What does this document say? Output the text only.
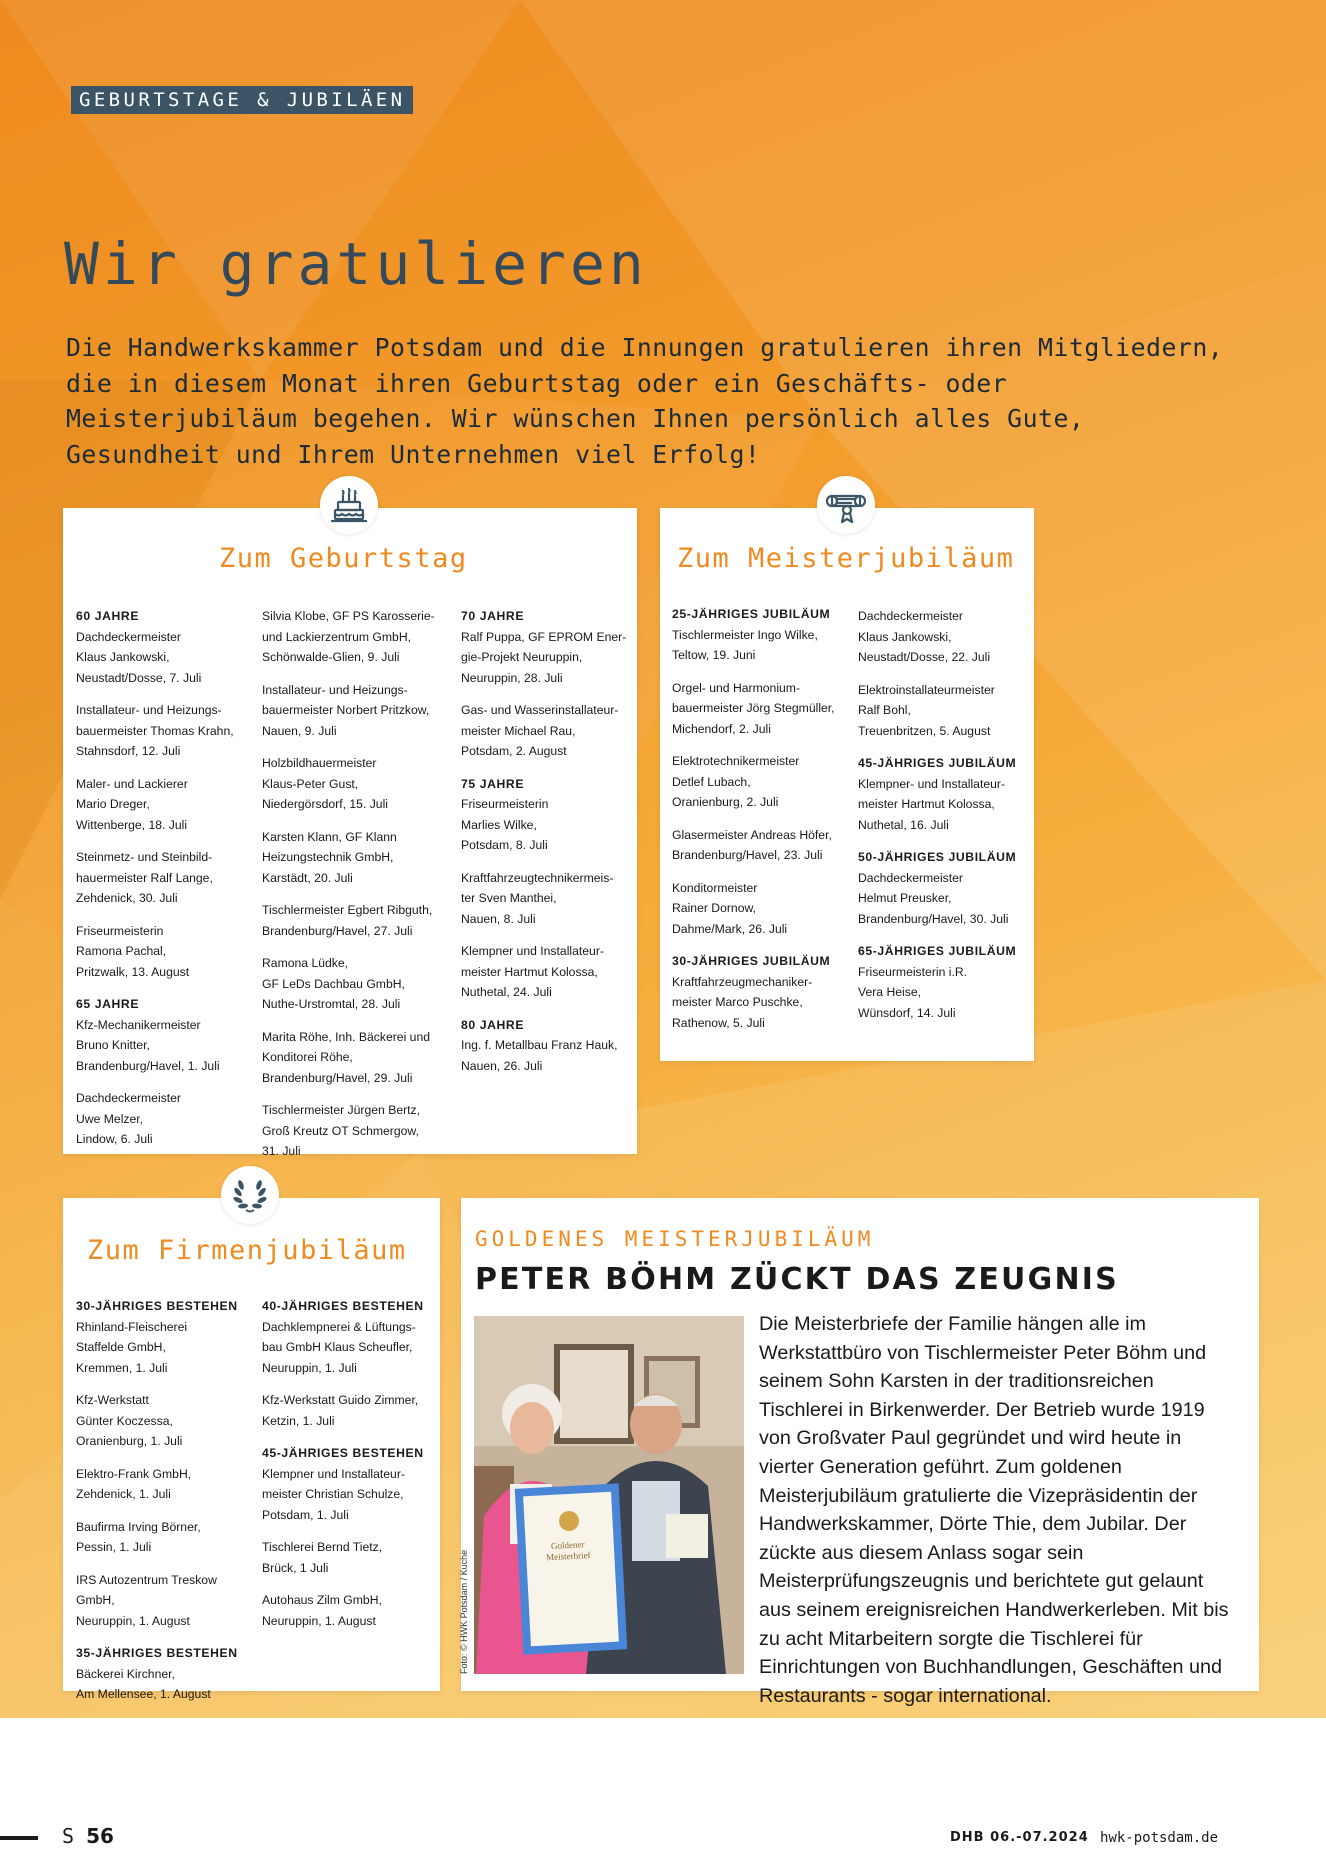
GEBURTSTAGE & JUBILÄEN
Wir gratulieren

Die Handwerkskammer Potsdam und die Innungen gratulieren ihren Mitgliedern, die in diesem Monat ihren Geburtstag oder ein Geschäfts- oder Meisterjubiläum begehen. Wir wünschen Ihnen persönlich alles Gute, Gesundheit und Ihrem Unternehmen viel Erfolg!

Zum Geburtstag

60 JAHRE

Dachdeckermeister
Klaus Jankowski,
Neustadt/Dosse, 7. Juli

Installateur- und Heizungs-
bauermeister Thomas Krahn,
Stahnsdorf, 12. Juli

Maler- und Lackierer
Mario Dreger,
Wittenberge, 18. Juli

Steinmetz- und Steinbild-
hauermeister Ralf Lange,
Zehdenick, 30. Juli

Friseurmeisterin
Ramona Pachal,
Pritzwalk, 13. August

65 JAHRE

Kfz-Mechanikermeister
Bruno Knitter,
Brandenburg/Havel, 1. Juli

Dachdeckermeister
Uwe Melzer,
Lindow, 6. Juli

Silvia Klobe, GF PS Karosserie-
und Lackierzentrum GmbH,
Schönwalde-Glien, 9. Juli

Installateur- und Heizungs-
bauermeister Norbert Pritzkow,
Nauen, 9. Juli

Holzbildhauermeister
Klaus-Peter Gust,
Niedergörsdorf, 15. Juli

Karsten Klann, GF Klann
Heizungstechnik GmbH,
Karstädt, 20. Juli

Tischlermeister Egbert Ribguth,
Brandenburg/Havel, 27. Juli

Ramona Lüdke,
GF LeDs Dachbau GmbH,
Nuthe-Urstromtal, 28. Juli

Marita Röhe, Inh. Bäckerei und
Konditorei Röhe,
Brandenburg/Havel, 29. Juli

Tischlermeister Jürgen Bertz,
Groß Kreutz OT Schmergow,
31. Juli

70 JAHRE

Ralf Puppa, GF EPROM Ener-
gie-Projekt Neuruppin,
Neuruppin, 28. Juli

Gas- und Wasserinstallateur-
meister Michael Rau,
Potsdam, 2. August

75 JAHRE

Friseurmeisterin
Marlies Wilke,
Potsdam, 8. Juli

Kraftfahrzeugtechnikermeis-
ter Sven Manthei,
Nauen, 8. Juli

Klempner und Installateur-
meister Hartmut Kolossa,
Nuthetal, 24. Juli

80 JAHRE

Ing. f. Metallbau Franz Hauk,
Nauen, 26. Juli

Zum Meisterjubiläum

25-JÄHRIGES JUBILÄUM

Tischlermeister Ingo Wilke,
Teltow, 19. Juni

Orgel- und Harmonium-
bauermeister Jörg Stegmüller,
Michendorf, 2. Juli

Elektrotechnikermeister
Detlef Lubach,
Oranienburg, 2. Juli

Glasermeister Andreas Höfer,
Brandenburg/Havel, 23. Juli

Konditormeister
Rainer Dornow,
Dahme/Mark, 26. Juli

30-JÄHRIGES JUBILÄUM

Kraftfahrzeugmechaniker-
meister Marco Puschke,
Rathenow, 5. Juli

Dachdeckermeister
Klaus Jankowski,
Neustadt/Dosse, 22. Juli

Elektroinstallateurmeister
Ralf Bohl,
Treuenbritzen, 5. August

45-JÄHRIGES JUBILÄUM

Klempner- und Installateur-
meister Hartmut Kolossa,
Nuthetal, 16. Juli

50-JÄHRIGES JUBILÄUM

Dachdeckermeister
Helmut Preusker,
Brandenburg/Havel, 30. Juli

65-JÄHRIGES JUBILÄUM

Friseurmeisterin i.R.
Vera Heise,
Wünsdorf, 14. Juli

Zum Firmenjubiläum

30-JÄHRIGES BESTEHEN

Rhinland-Fleischerei
Staffelde GmbH,
Kremmen, 1. Juli

Kfz-Werkstatt
Günter Koczessa,
Oranienburg, 1. Juli

Elektro-Frank GmbH,
Zehdenick, 1. Juli

Baufirma Irving Börner,
Pessin, 1. Juli

IRS Autozentrum Treskow GmbH,
Neuruppin, 1. August

35-JÄHRIGES BESTEHEN

Bäckerei Kirchner,
Am Mellensee, 1. August

40-JÄHRIGES BESTEHEN

Dachklempnerei & Lüftungs-
bau GmbH Klaus Scheufler,
Neuruppin, 1. Juli

Kfz-Werkstatt Guido Zimmer,
Ketzin, 1. Juli

45-JÄHRIGES BESTEHEN

Klempner und Installateur-
meister Christian Schulze,
Potsdam, 1. Juli

Tischlerei Bernd Tietz,
Brück, 1 Juli

Autohaus Zilm GmbH,
Neuruppin, 1. August

GOLDENES MEISTERJUBILÄUM

PETER BÖHM ZÜCKT DAS ZEUGNIS
GoldenerMeisterbrief
Foto: © HWK Potsdam / Kuche

Die Meisterbriefe der Familie hängen alle im Werkstattbüro von Tischlermeister Peter Böhm und seinem Sohn Karsten in der traditionsreichen Tischlerei in Birkenwerder. Der Betrieb wurde 1919 von Großvater Paul gegründet und wird heute in vierter Generation geführt. Zum goldenen Meisterjubiläum gratulierte die Vizepräsidentin der Handwerkskammer, Dörte Thie, dem Jubilar. Der zückte aus diesem Anlass sogar sein Meisterprüfungszeugnis und berichtete gut gelaunt aus seinem ereignisreichen Handwerkerleben. Mit bis zu acht Mitarbeitern sorgte die Tischlerei für Einrichtungen von Buchhandlungen, Geschäften und Restaurants - sogar international.

S 56	DHB 06.-07.2024 hwk-potsdam.de
